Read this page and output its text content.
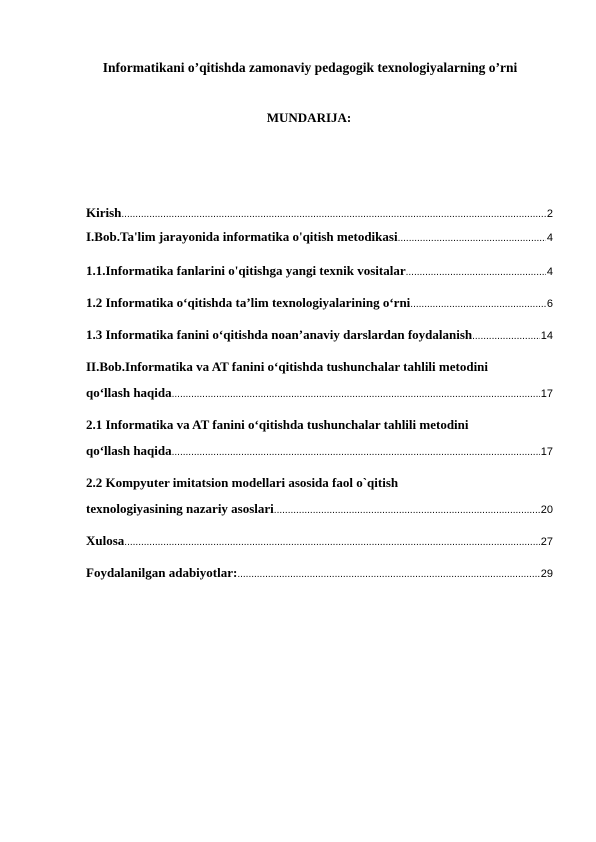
Informatikani o’qitishda zamonaviy pedagogik texnologiyalarning o’rni
MUNDARIJA:
Kirish .....	2
I.Bob.Ta'lim jarayonida informatika o'qitish metodikasi .....	4
1.1.Informatika fanlarini o'qitishga yangi texnik vositalar .....	4
1.2 Informatika o‘qitishda ta’lim texnologiyalarining o‘rni .....	6
1.3 Informatika fanini o‘qitishda noan’anaviy darslardan foydalanish .....	14
II.Bob.Informatika va AT fanini o‘qitishda tushunchalar tahlili metodini
qo‘llash haqida .....	17
2.1 Informatika va AT fanini o‘qitishda tushunchalar tahlili metodini
qo‘llash haqida .....	17
2.2 Kompyuter imitatsion modellari asosida faol o`qitish
texnologiyasining nazariy asoslari .....	20
Xulosa .....	27
Foydalanilgan adabiyotlar: .....	29
